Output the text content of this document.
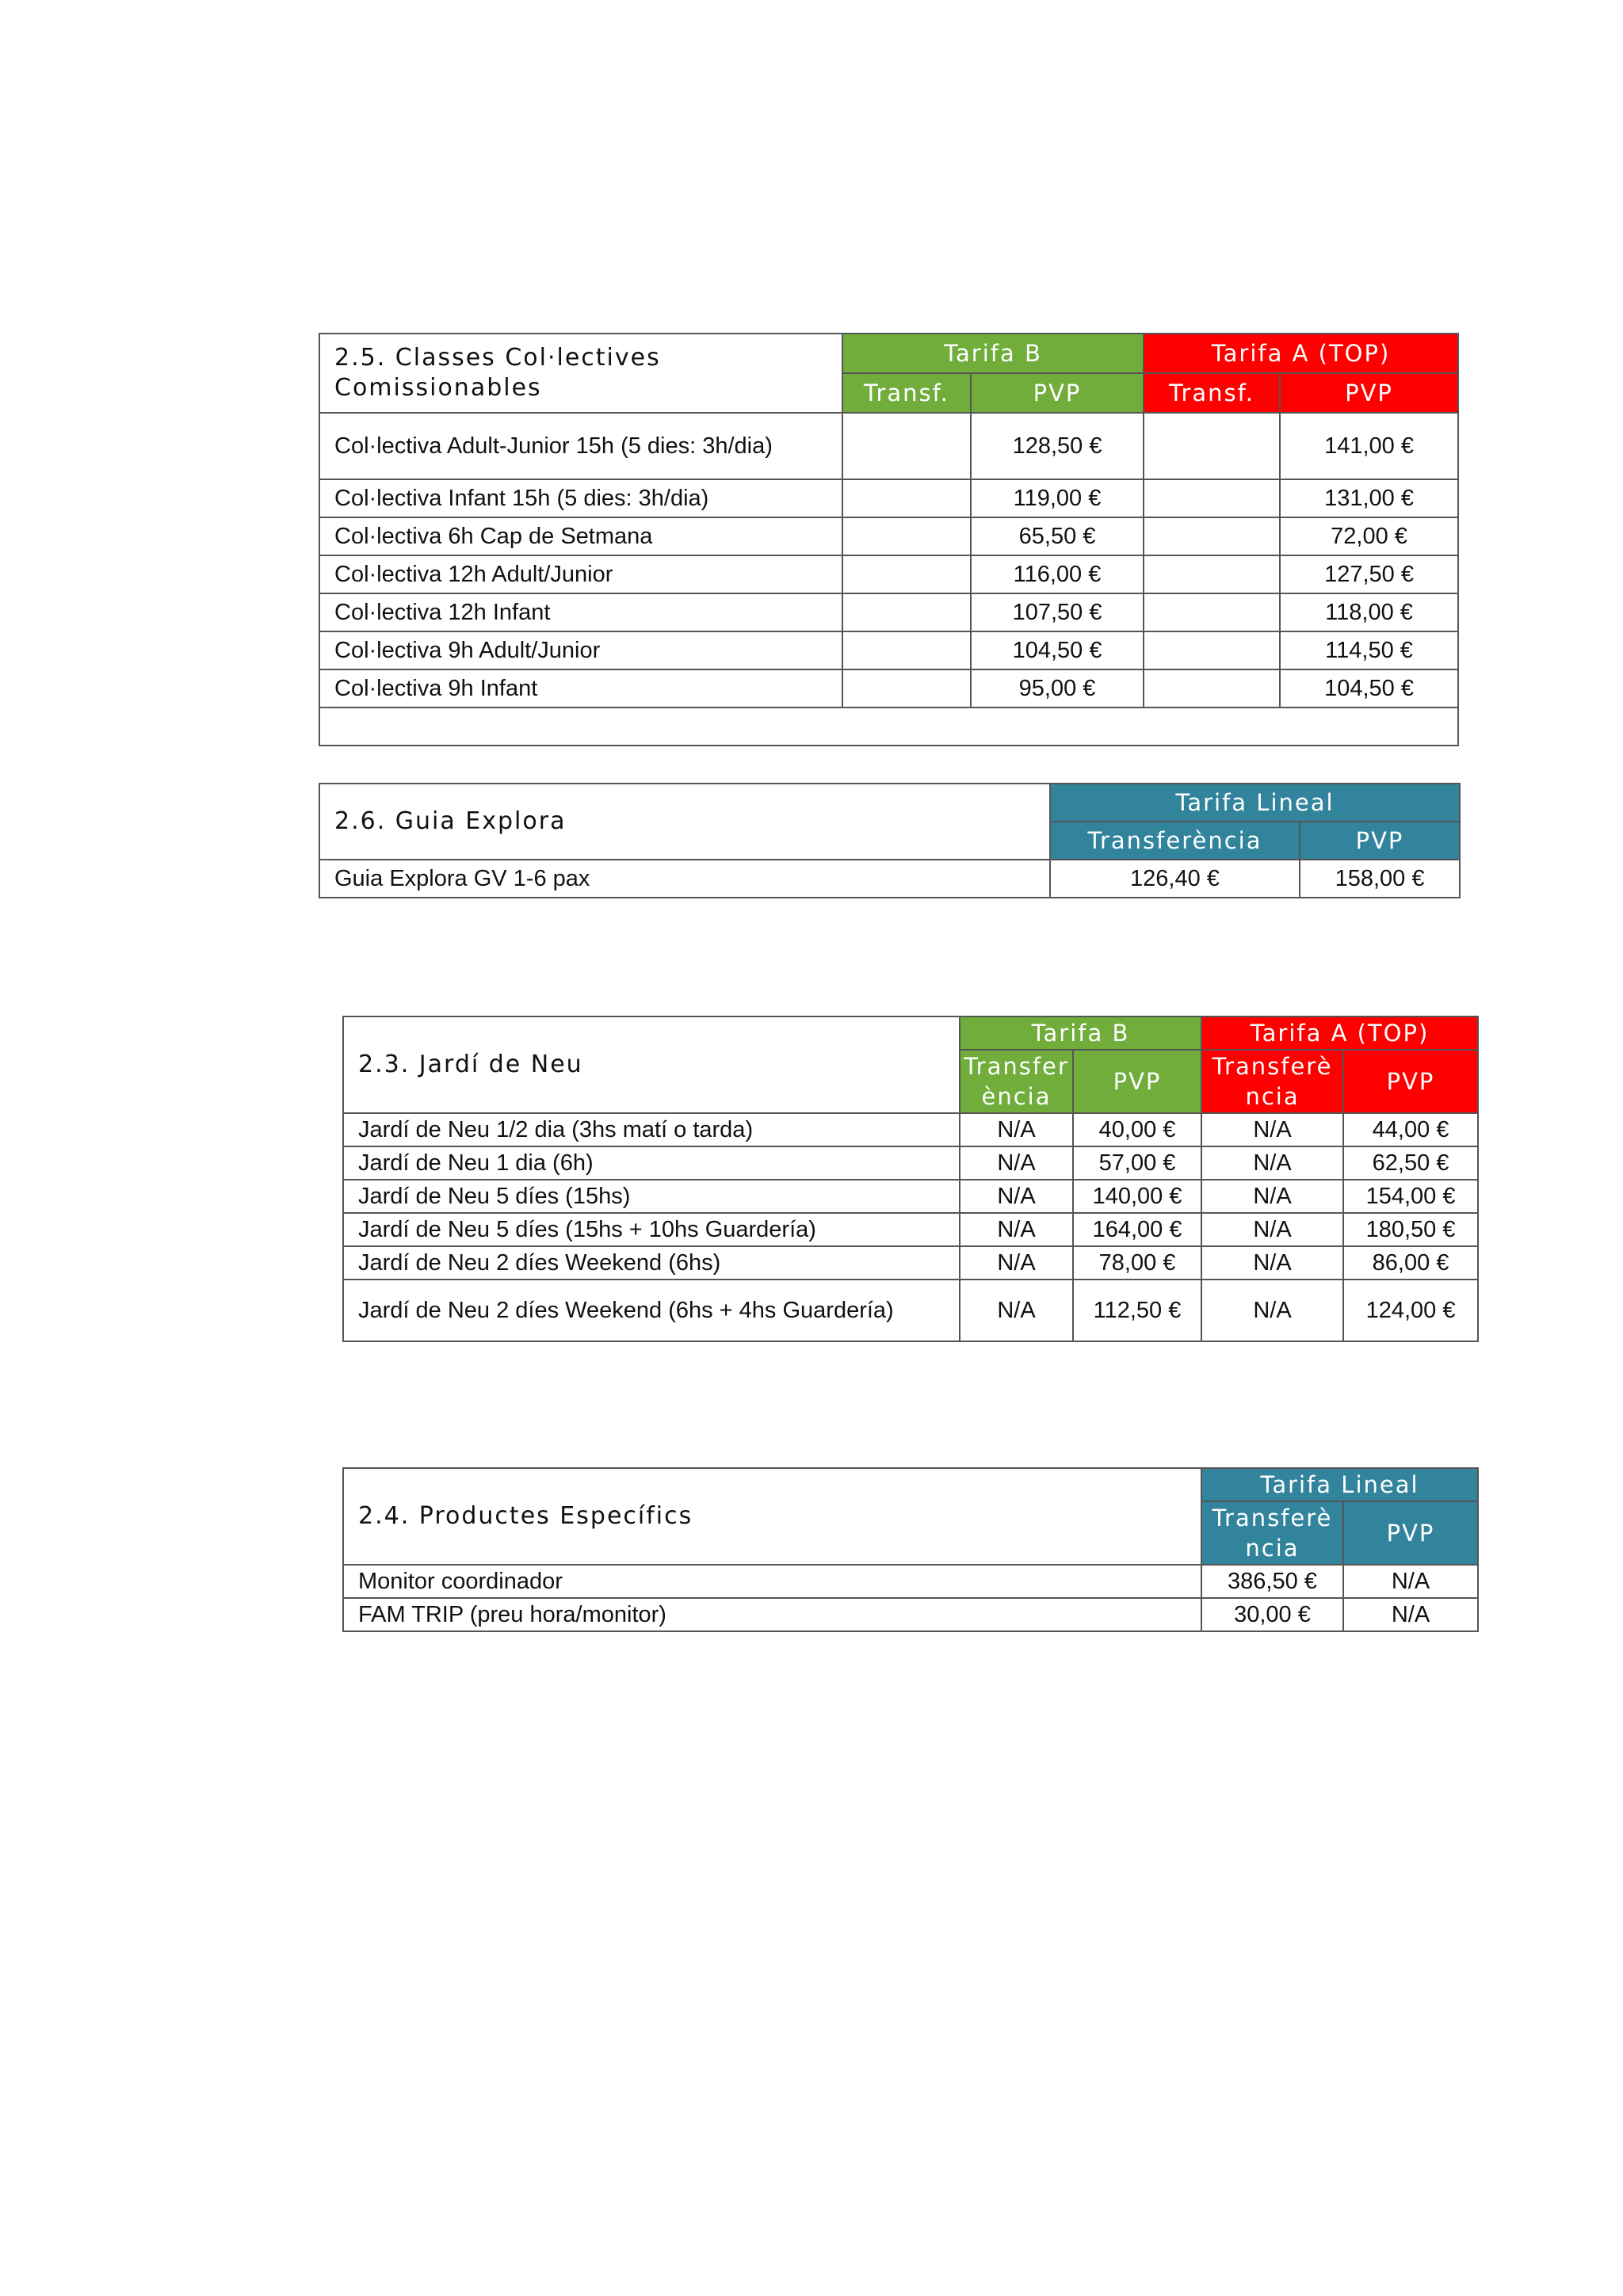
2.5. Classes Col·lectives Comissionables	Tarifa B		Tarifa A (TOP)	
	Transf.	PVP	Transf.	PVP
Col·lectiva Adult-Junior 15h (5 dies: 3h/dia)		128,50 €		141,00 €
Col·lectiva Infant 15h (5 dies: 3h/dia)		119,00 €		131,00 €
Col·lectiva 6h Cap de Setmana		65,50 €		72,00 €
Col·lectiva 12h Adult/Junior		116,00 €		127,50 €
Col·lectiva 12h Infant		107,50 €		118,00 €
Col·lectiva 9h Adult/Junior		104,50 €		114,50 €
Col·lectiva 9h Infant		95,00 €		104,50 €

2.6. Guia Explora	Tarifa Lineal	
	Transferència	PVP
Guia Explora GV 1-6 pax	126,40 €	158,00 €
2.3. Jardí de Neu	Tarifa B		Tarifa A (TOP)	
	Transferència	PVP	Transferència	PVP
Jardí de Neu 1/2 dia (3hs matí o tarda)	N/A	40,00 €	N/A	44,00 €
Jardí de Neu 1 dia (6h)	N/A	57,00 €	N/A	62,50 €
Jardí de Neu 5 díes (15hs)	N/A	140,00 €	N/A	154,00 €
Jardí de Neu 5 díes (15hs + 10hs Guardería)	N/A	164,00 €	N/A	180,50 €
Jardí de Neu 2 díes Weekend (6hs)	N/A	78,00 €	N/A	86,00 €
Jardí de Neu 2 díes Weekend (6hs + 4hs Guardería)	N/A	112,50 €	N/A	124,00 €
2.4. Productes Específics	Tarifa Lineal	
	Transferència	PVP
Monitor coordinador	386,50 €	N/A
FAM TRIP (preu hora/monitor)	30,00 €	N/A
